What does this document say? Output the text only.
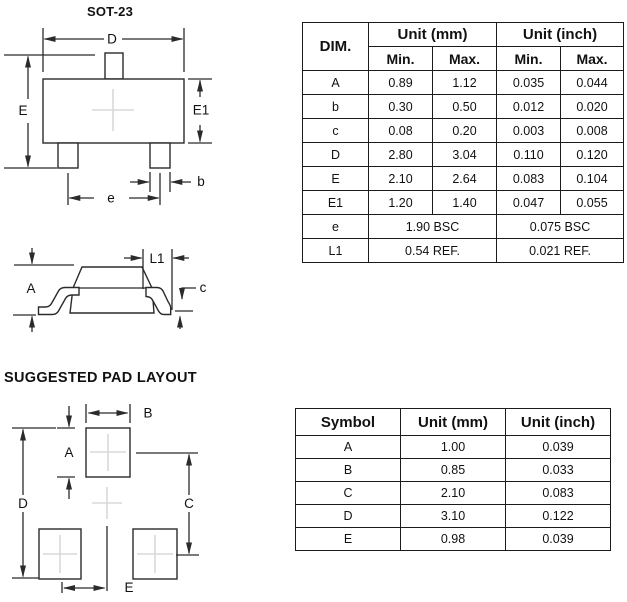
SOT-23
D
E	E1
b
e
DIM.	Unit (mm)		Unit (inch)	
	Min.	Max.	Min.	Max.
A	0.89	1.12	0.035	0.044
b	0.30	0.50	0.012	0.020
c	0.08	0.20	0.003	0.008
D	2.80	3.04	0.110	0.120
E	2.10	2.64	0.083	0.104
E1	1.20	1.40	0.047	0.055
e	1.90 BSC		0.075 BSC	
L1	0.54 REF.		0.021 REF.	
A
L1
c
SUGGESTED PAD LAYOUT
B
A
D	C
E
Symbol	Unit (mm)	Unit (inch)
A	1.00	0.039
B	0.85	0.033
C	2.10	0.083
D	3.10	0.122
E	0.98	0.039
